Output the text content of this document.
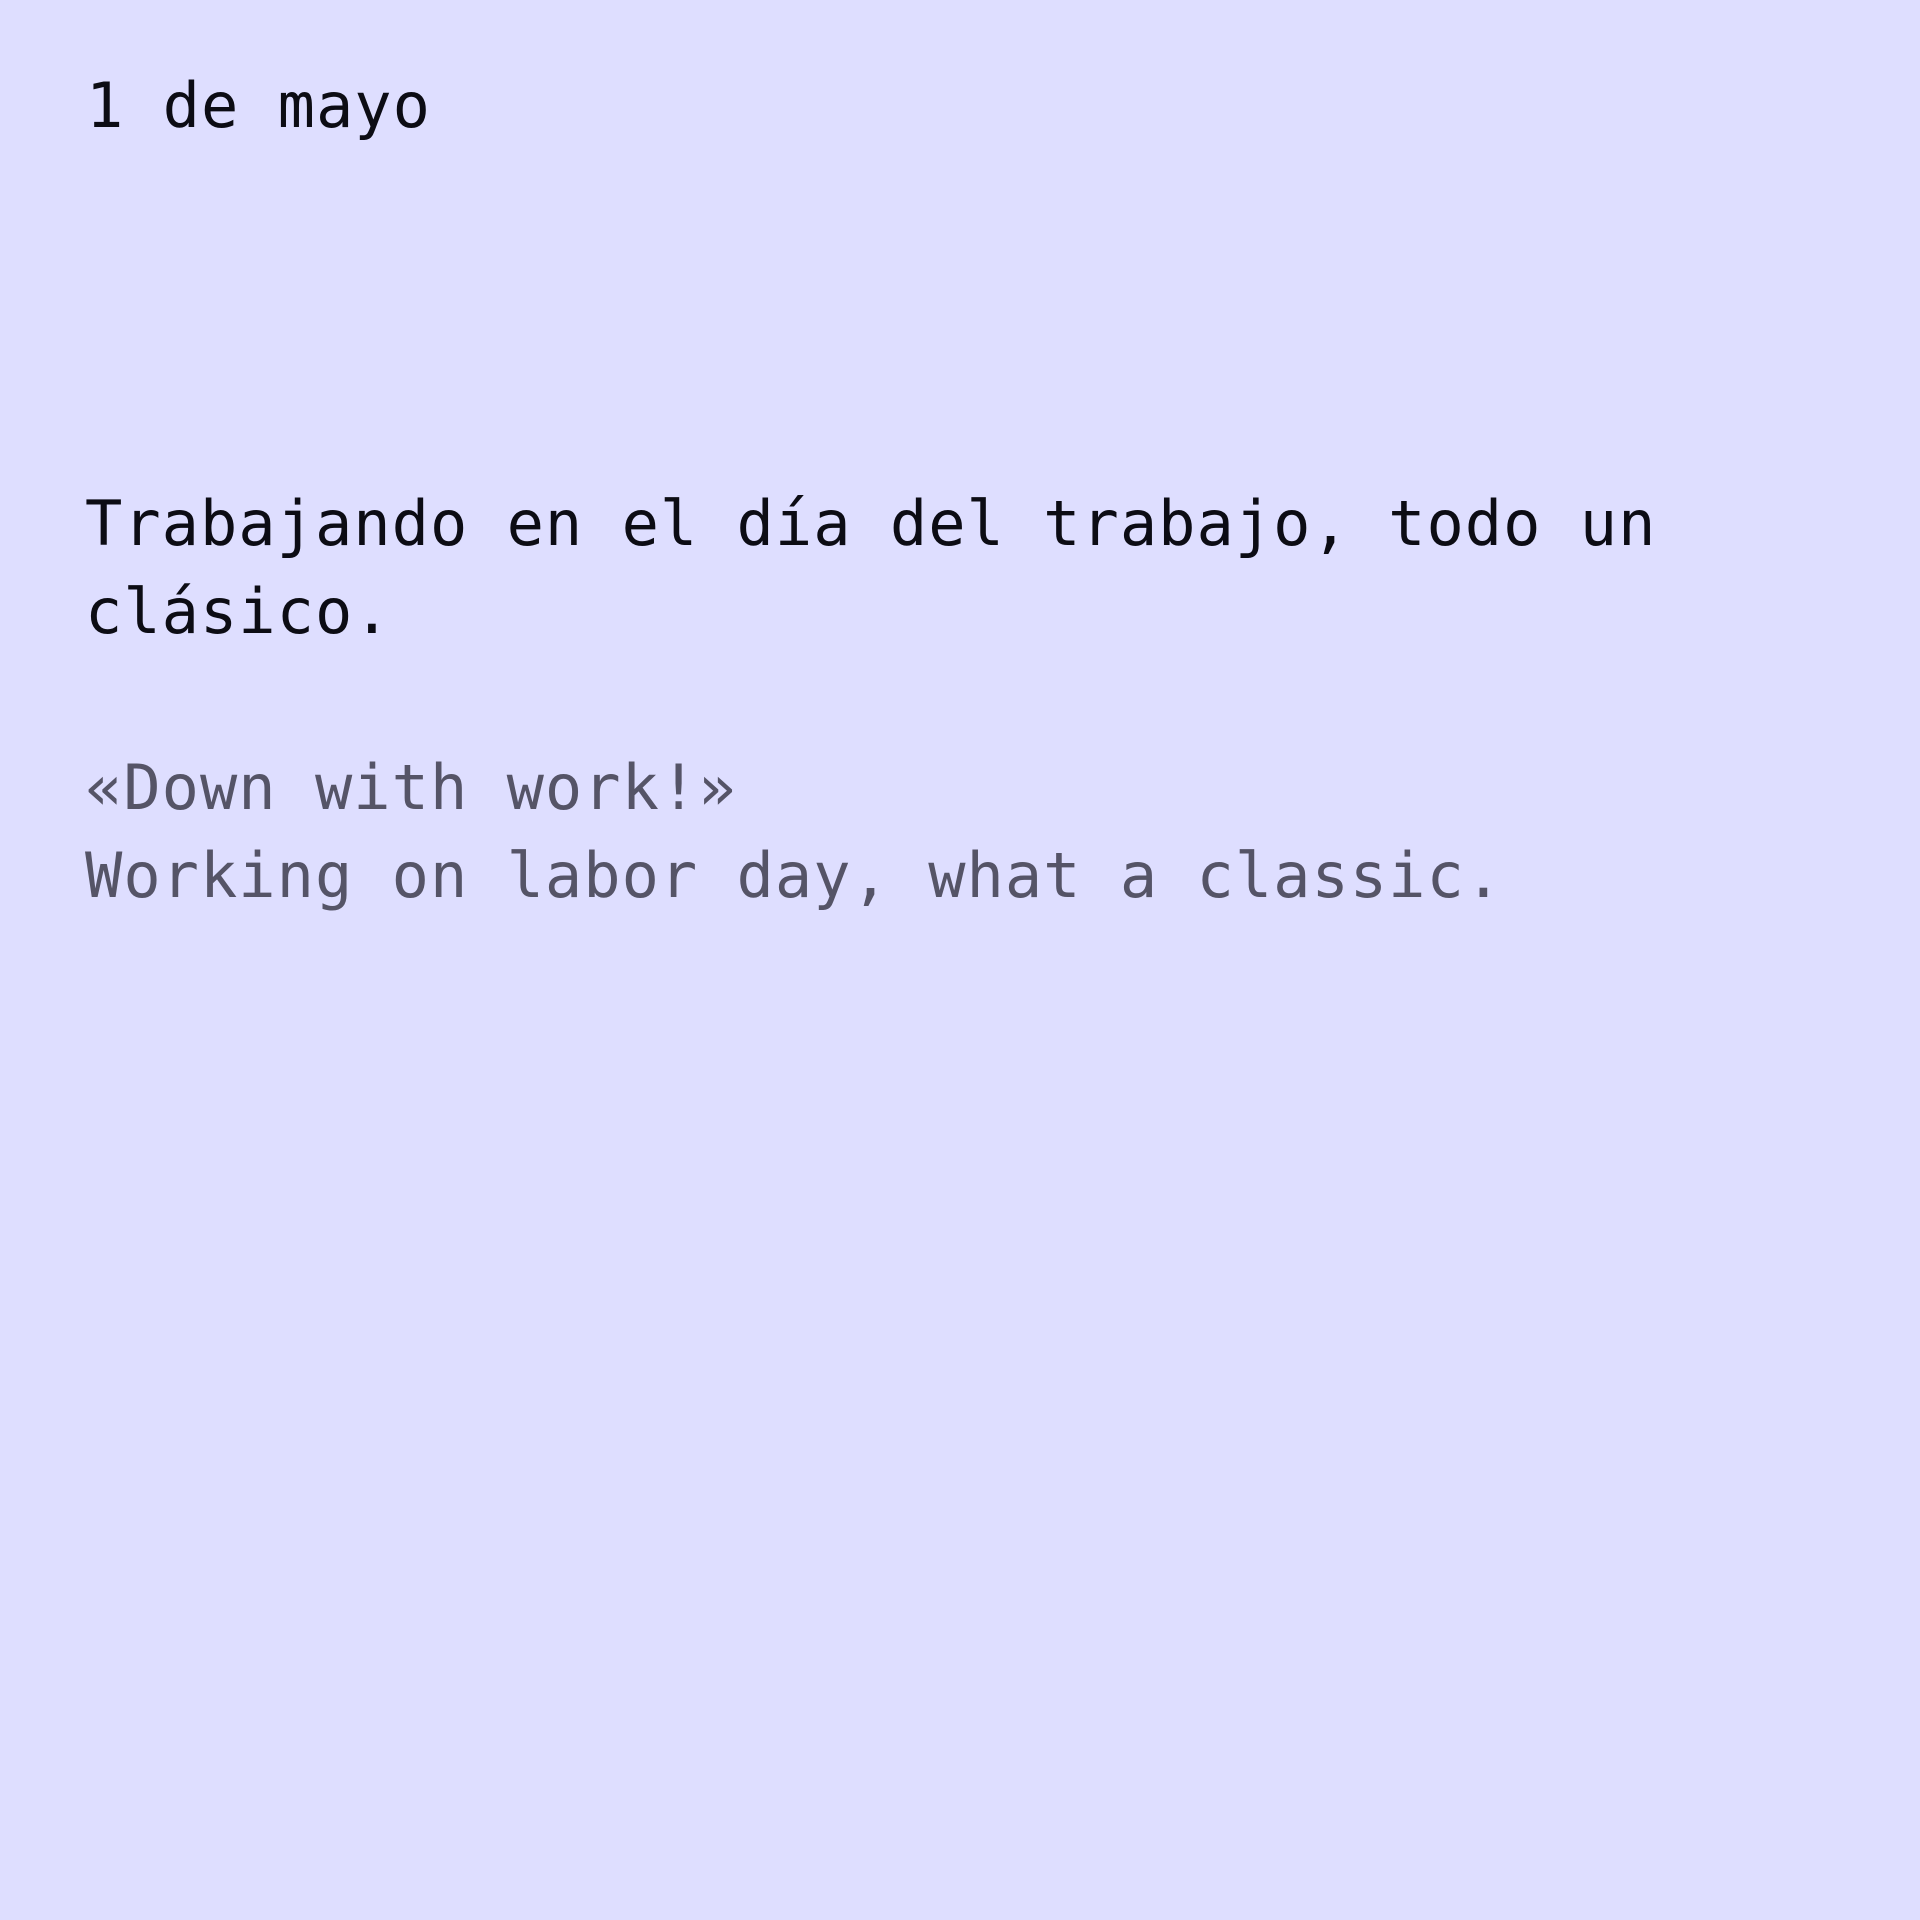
1 de mayo
Trabajando en el día del trabajo, todo un
clásico.
«Down with work!»
Working on labor day, what a classic.
